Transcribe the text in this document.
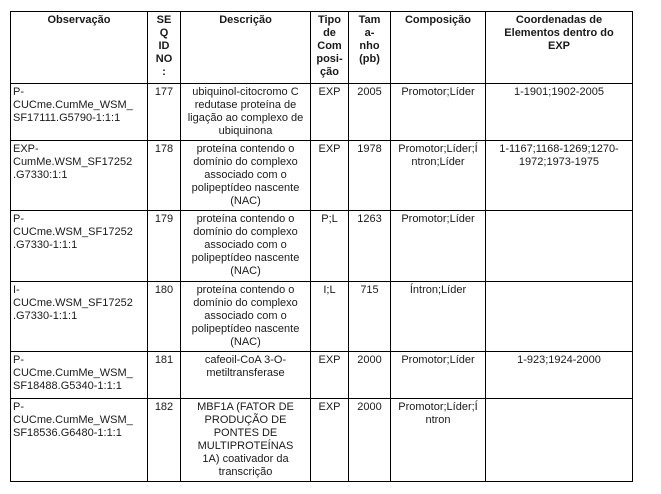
Observação	SE
Q
ID
NO
:	Descrição	Tipo
de
Com
posi-
ção	Tam
a-
nho
(pb)	Composição	Coordenadas de
Elementos dentro do
EXP
P-
CUCme.CumMe_WSM_
SF17111.G5790-1:1:1	177	ubiquinol-citocromo C
redutase proteína de
ligação ao complexo de
ubiquinona	EXP	2005	Promotor;Líder	1-1901;1902-2005
EXP-
CumMe.WSM_SF17252
.G7330:1:1	178	proteína contendo o
domínio do complexo
associado com o
polipeptídeo nascente
(NAC)	EXP	1978	Promotor;Líder;Í
ntron;Líder	1-1167;1168-1269;1270-
1972;1973-1975
P-
CUCme.WSM_SF17252
.G7330-1:1:1	179	proteína contendo o
domínio do complexo
associado com o
polipeptídeo nascente
(NAC)	P;L	1263	Promotor;Líder	
I-
CUCme.WSM_SF17252
.G7330-1:1:1	180	proteína contendo o
domínio do complexo
associado com o
polipeptídeo nascente
(NAC)	I;L	715	Íntron;Líder	
P-
CUCme.CumMe_WSM_
SF18488.G5340-1:1:1	181	cafeoil-CoA 3-O-
metiltransferase	EXP	2000	Promotor;Líder	1-923;1924-2000
P-
CUCme.CumMe_WSM_
SF18536.G6480-1:1:1	182	MBF1A (FATOR DE
PRODUÇÃO DE
PONTES DE
MULTIPROTEÍNAS
1A) coativador da
transcrição	EXP	2000	Promotor;Líder;Í
ntron	
